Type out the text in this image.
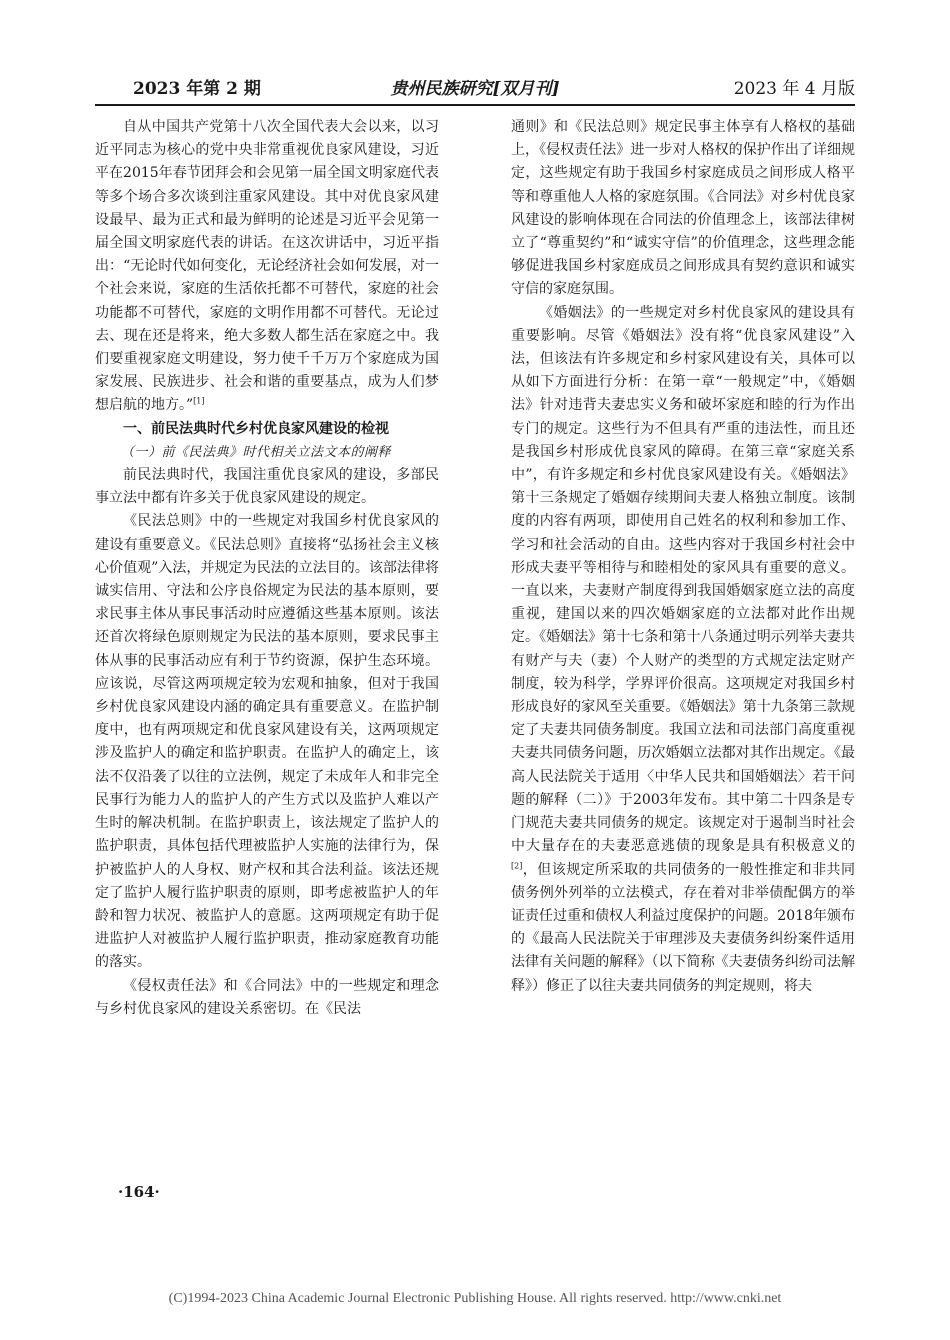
2023 年第 2 期	贵州民族研究[双月刊]	2023 年 4 月版

自从中国共产党第十八次全国代表大会以来，以习近平同志为核心的党中央非常重视优良家风建设，习近平在2015年春节团拜会和会见第一届全国文明家庭代表等多个场合多次谈到注重家风建设。其中对优良家风建设最早、最为正式和最为鲜明的论述是习近平会见第一届全国文明家庭代表的讲话。在这次讲话中，习近平指出：“无论时代如何变化，无论经济社会如何发展，对一个社会来说，家庭的生活依托都不可替代，家庭的社会功能都不可替代，家庭的文明作用都不可替代。无论过去、现在还是将来，绝大多数人都生活在家庭之中。我们要重视家庭文明建设，努力使千千万万个家庭成为国家发展、民族进步、社会和谐的重要基点，成为人们梦想启航的地方。”[1]

一、前民法典时代乡村优良家风建设的检视
（一）前《民法典》时代相关立法文本的阐释

前民法典时代，我国注重优良家风的建设，多部民事立法中都有许多关于优良家风建设的规定。

《民法总则》中的一些规定对我国乡村优良家风的建设有重要意义。《民法总则》直接将“弘扬社会主义核心价值观”入法，并规定为民法的立法目的。该部法律将诚实信用、守法和公序良俗规定为民法的基本原则，要求民事主体从事民事活动时应遵循这些基本原则。该法还首次将绿色原则规定为民法的基本原则，要求民事主体从事的民事活动应有利于节约资源，保护生态环境。应该说，尽管这两项规定较为宏观和抽象，但对于我国乡村优良家风建设内涵的确定具有重要意义。在监护制度中，也有两项规定和优良家风建设有关，这两项规定涉及监护人的确定和监护职责。在监护人的确定上，该法不仅沿袭了以往的立法例，规定了未成年人和非完全民事行为能力人的监护人的产生方式以及监护人难以产生时的解决机制。在监护职责上，该法规定了监护人的监护职责，具体包括代理被监护人实施的法律行为，保护被监护人的人身权、财产权和其合法利益。该法还规定了监护人履行监护职责的原则，即考虑被监护人的年龄和智力状况、被监护人的意愿。这两项规定有助于促进监护人对被监护人履行监护职责，推动家庭教育功能的落实。

《侵权责任法》和《合同法》中的一些规定和理念与乡村优良家风的建设关系密切。在《民法

通则》和《民法总则》规定民事主体享有人格权的基础上，《侵权责任法》进一步对人格权的保护作出了详细规定，这些规定有助于我国乡村家庭成员之间形成人格平等和尊重他人人格的家庭氛围。《合同法》对乡村优良家风建设的影响体现在合同法的价值理念上，该部法律树立了“尊重契约”和“诚实守信”的价值理念，这些理念能够促进我国乡村家庭成员之间形成具有契约意识和诚实守信的家庭氛围。

《婚姻法》的一些规定对乡村优良家风的建设具有重要影响。尽管《婚姻法》没有将“优良家风建设”入法，但该法有许多规定和乡村家风建设有关，具体可以从如下方面进行分析：在第一章“一般规定”中，《婚姻法》针对违背夫妻忠实义务和破坏家庭和睦的行为作出专门的规定。这些行为不但具有严重的违法性，而且还是我国乡村形成优良家风的障碍。在第三章“家庭关系中”，有许多规定和乡村优良家风建设有关。《婚姻法》第十三条规定了婚姻存续期间夫妻人格独立制度。该制度的内容有两项，即使用自己姓名的权利和参加工作、学习和社会活动的自由。这些内容对于我国乡村社会中形成夫妻平等相待与和睦相处的家风具有重要的意义。一直以来，夫妻财产制度得到我国婚姻家庭立法的高度重视，建国以来的四次婚姻家庭的立法都对此作出规定。《婚姻法》第十七条和第十八条通过明示列举夫妻共有财产与夫（妻）个人财产的类型的方式规定法定财产制度，较为科学，学界评价很高。这项规定对我国乡村形成良好的家风至关重要。《婚姻法》第十九条第三款规定了夫妻共同债务制度。我国立法和司法部门高度重视夫妻共同债务问题，历次婚姻立法都对其作出规定。《最高人民法院关于适用〈中华人民共和国婚姻法〉若干问题的解释（二）》于2003年发布。其中第二十四条是专门规范夫妻共同债务的规定。该规定对于遏制当时社会中大量存在的夫妻恶意逃债的现象是具有积极意义的[2]，但该规定所采取的共同债务的一般性推定和非共同债务例外列举的立法模式，存在着对非举债配偶方的举证责任过重和债权人利益过度保护的问题。2018年颁布的《最高人民法院关于审理涉及夫妻债务纠纷案件适用法律有关问题的解释》（以下简称《夫妻债务纠纷司法解释》）修正了以往夫妻共同债务的判定规则，将夫

·164·
(C)1994-2023 China Academic Journal Electronic Publishing House. All rights reserved. http://www.cnki.net
